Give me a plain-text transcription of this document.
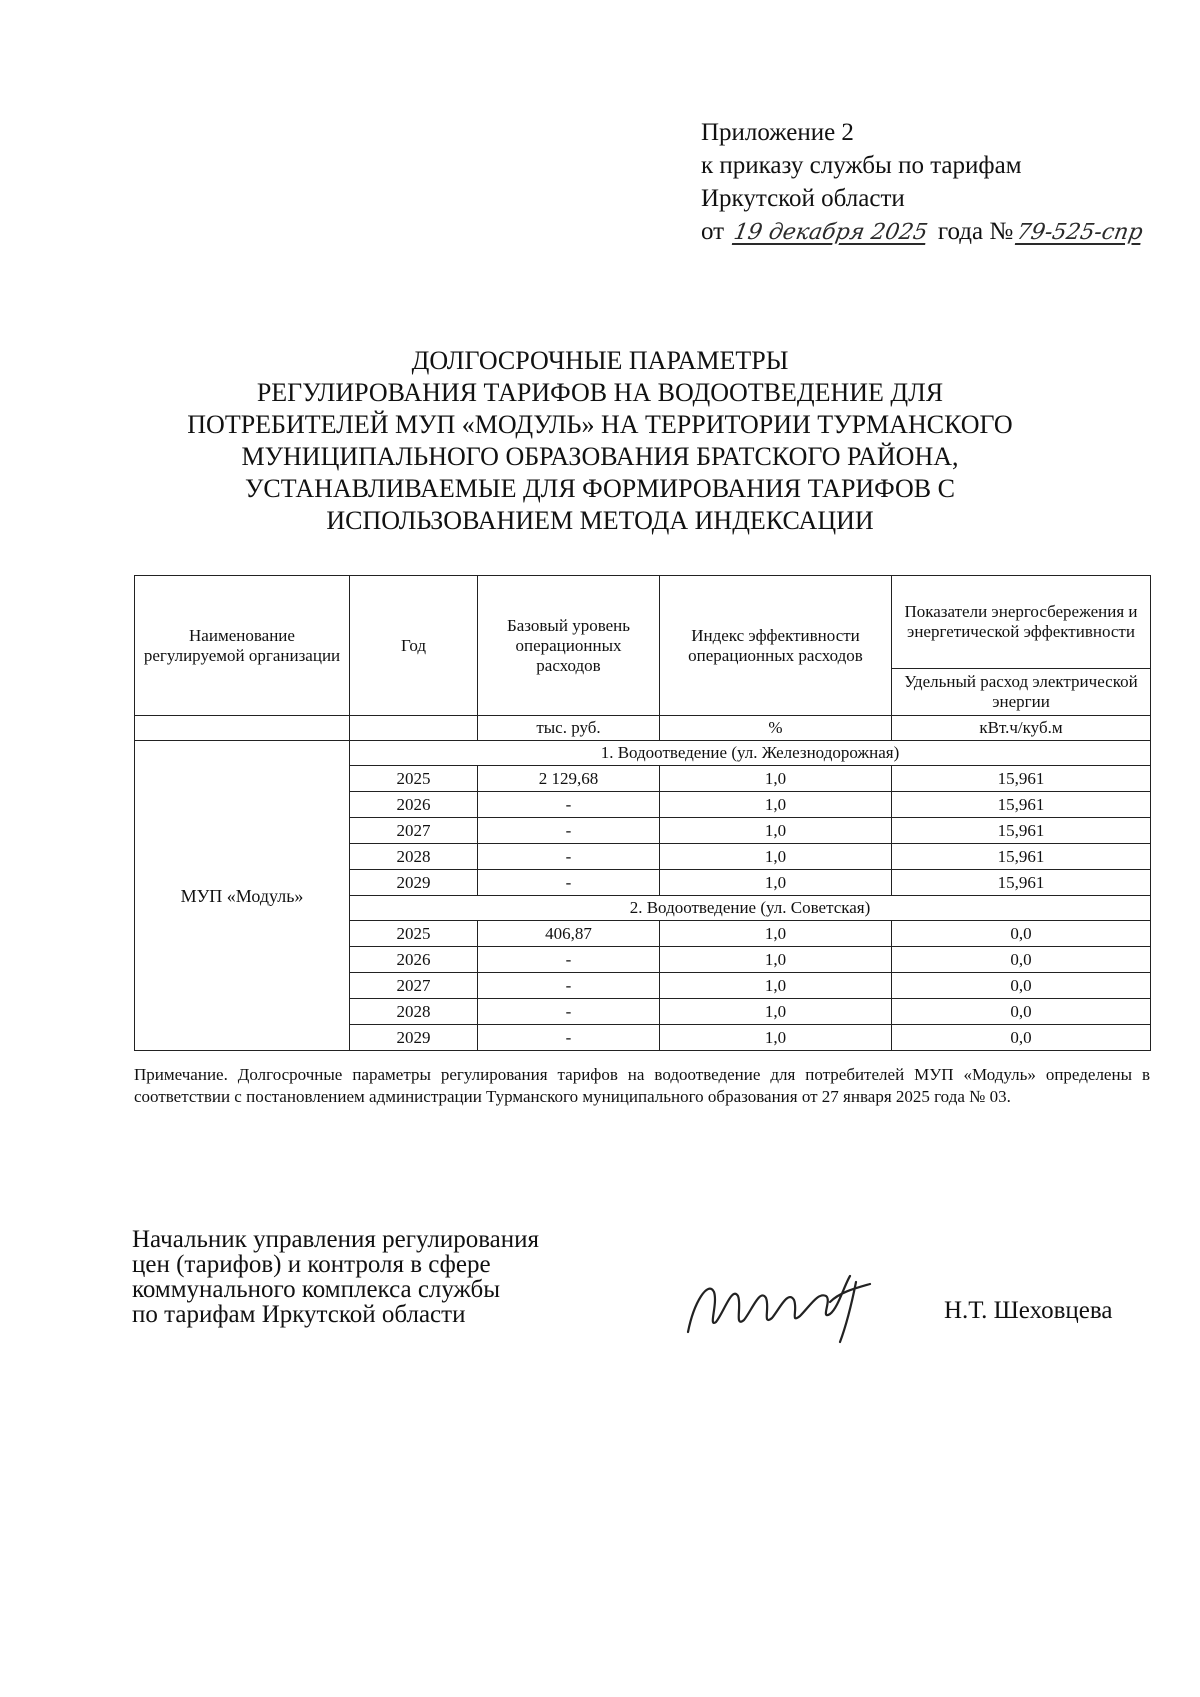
Приложение 2
к приказу службы по тарифам
Иркутской области
от 19 декабря 2025 года №79-525-спр
ДОЛГОСРОЧНЫЕ ПАРАМЕТРЫ
РЕГУЛИРОВАНИЯ ТАРИФОВ НА ВОДООТВЕДЕНИЕ ДЛЯ
ПОТРЕБИТЕЛЕЙ МУП «МОДУЛЬ» НА ТЕРРИТОРИИ ТУРМАНСКОГО
МУНИЦИПАЛЬНОГО ОБРАЗОВАНИЯ БРАТСКОГО РАЙОНА,
УСТАНАВЛИВАЕМЫЕ ДЛЯ ФОРМИРОВАНИЯ ТАРИФОВ С
ИСПОЛЬЗОВАНИЕМ МЕТОДА ИНДЕКСАЦИИ
Наименование регулируемой организации	Год	Базовый уровень операционных расходов	Индекс эффективности операционных расходов	Показатели энергосбережения и энергетической эффективности
				Удельный расход электрической энергии
		тыс. руб.	%	кВт.ч/куб.м
МУП «Модуль»	1. Водоотведение (ул. Железнодорожная)			
	2025	2 129,68	1,0	15,961
	2026	-	1,0	15,961
	2027	-	1,0	15,961
	2028	-	1,0	15,961
	2029	-	1,0	15,961
	2. Водоотведение (ул. Советская)			
	2025	406,87	1,0	0,0
	2026	-	1,0	0,0
	2027	-	1,0	0,0
	2028	-	1,0	0,0
	2029	-	1,0	0,0
Примечание. Долгосрочные параметры регулирования тарифов на водоотведение для потребителей МУП «Модуль» определены в соответствии с постановлением администрации Турманского муниципального образования от 27 января 2025 года № 03.
Начальник управления регулирования
цен (тарифов) и контроля в сфере
коммунального комплекса службы
по тарифам Иркутской области	Н.Т. Шеховцева
